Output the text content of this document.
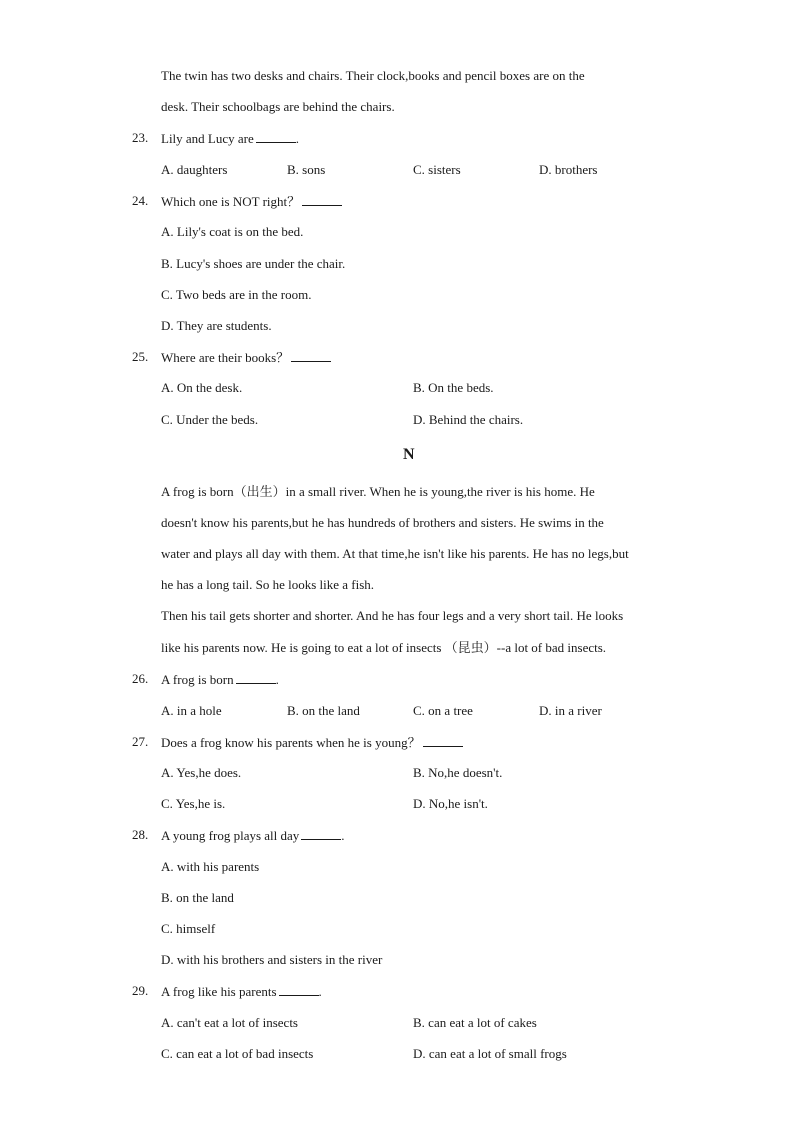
The twin has two desks and chairs. Their clock,books and pencil boxes are on the
desk. Their schoolbags are behind the chairs.
23. Lily and Lucy are	.
A. daughters	B. sons	C. sisters	D. brothers
24. Which one is NOT right？
A. Lily's coat is on the bed.
B. Lucy's shoes are under the chair.
C. Two beds are in the room.
D. They are students.
25. Where are their books？
A. On the desk.	B. On the beds.
C. Under the beds.	D. Behind the chairs.
N
A frog is born（出生）in a small river. When he is young,the river is his home. He
doesn't know his parents,but he has hundreds of brothers and sisters. He swims in the
water and plays all day with them. At that time,he isn't like his parents. He has no legs,but
he has a long tail. So he looks like a fish.
Then his tail gets shorter and shorter. And he has four legs and a very short tail. He looks
like his parents now. He is going to eat a lot of insects （昆虫）--a lot of bad insects.
26. A frog is born	.
A. in a hole	B. on the land	C. on a tree	D. in a river
27. Does a frog know his parents when he is young？
A. Yes,he does.	B. No,he doesn't.
C. Yes,he is.	D. No,he isn't.
28. A young frog plays all day	.
A. with his parents
B. on the land
C. himself
D. with his brothers and sisters in the river
29. A frog like his parents	.
A. can't eat a lot of insects	B. can eat a lot of cakes
C. can eat a lot of bad insects	D. can eat a lot of small frogs
